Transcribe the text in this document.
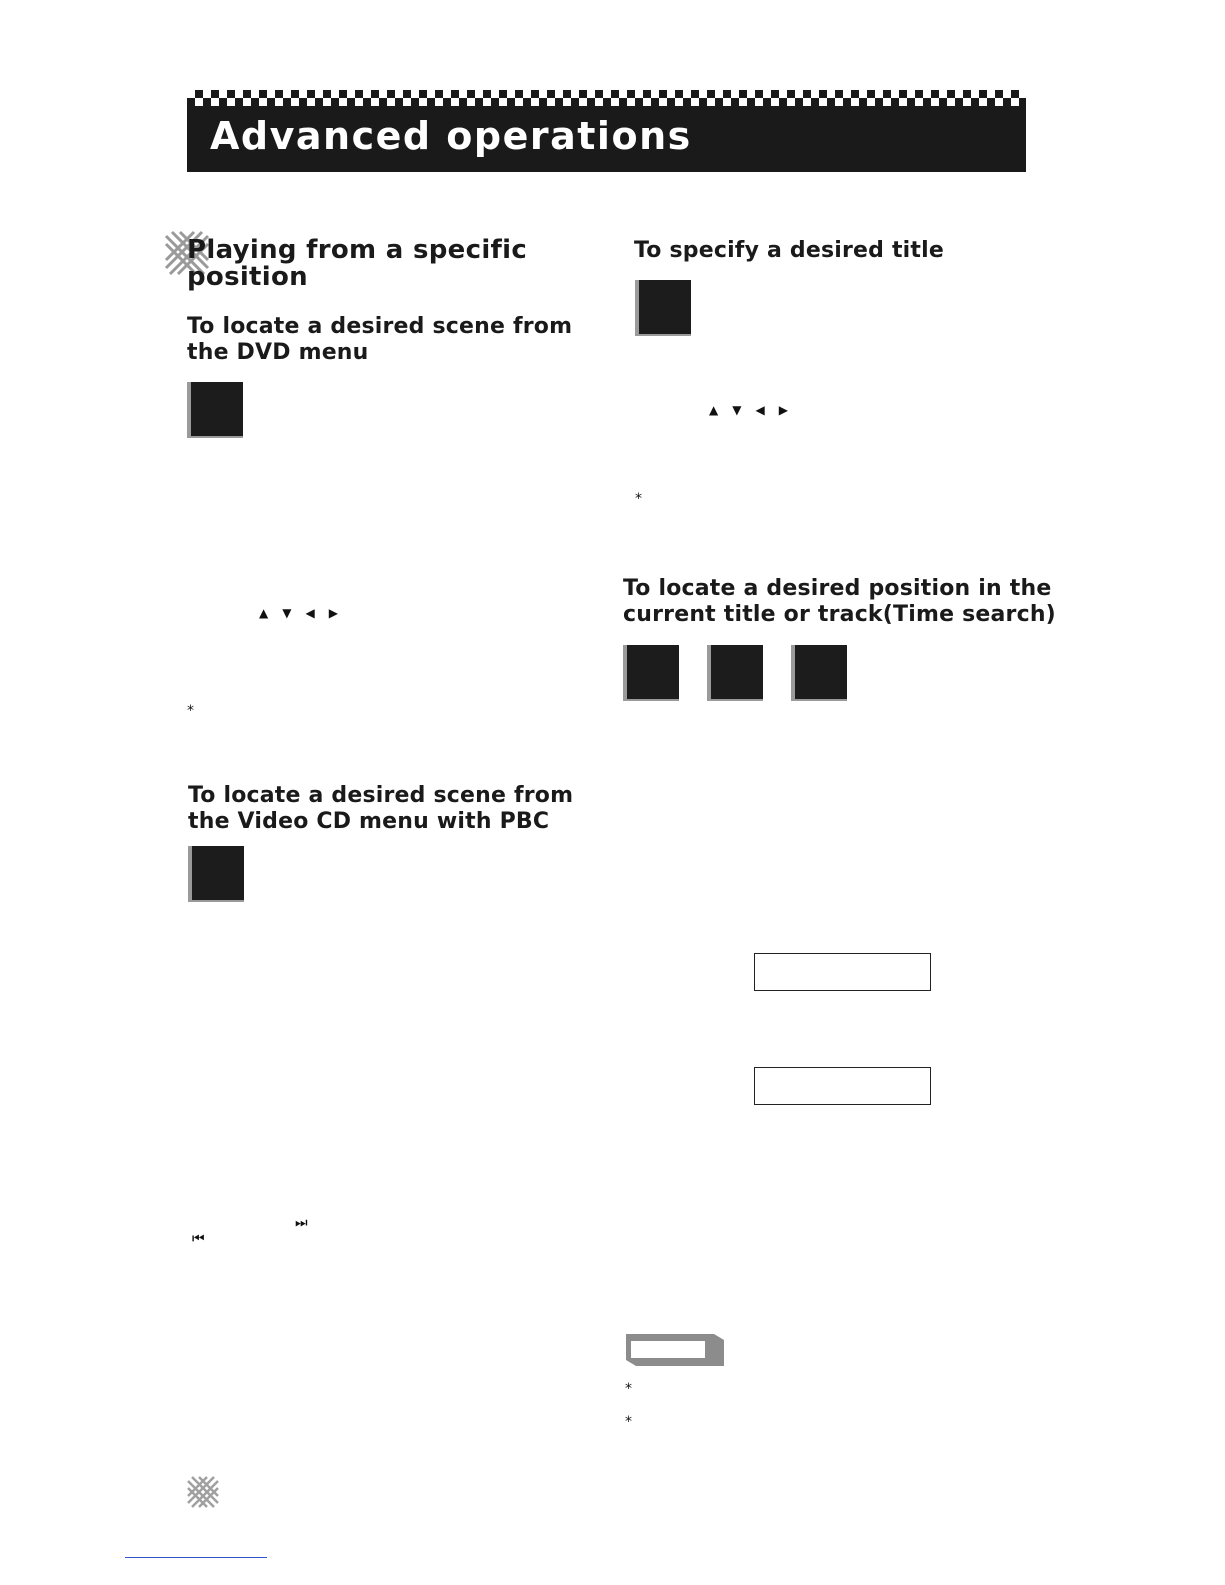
Advanced operations
Playing from a specific position
To locate a desired scene from
the DVD menu
▲ ▼ ◀ ▶
*
To locate a desired scene from
the Video CD menu with PBC
⏭
⏮
To specify a desired title
▲ ▼ ◀ ▶
*
To locate a desired position in the
current title or track(Time search)
*
*
